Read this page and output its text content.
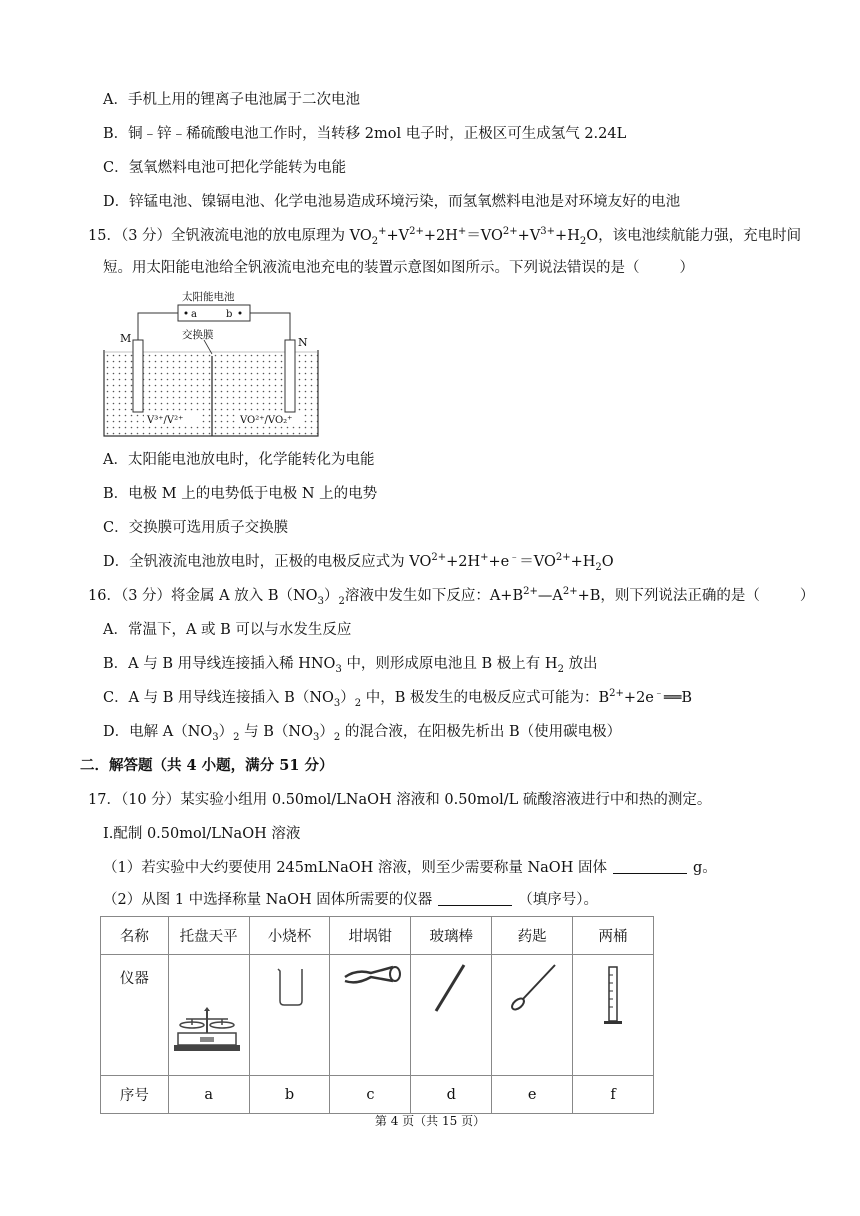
A．手机上用的锂离子电池属于二次电池
B．铜﹣锌﹣稀硫酸电池工作时，当转移 2mol 电子时，正极区可生成氢气 2.24L
C．氢氧燃料电池可把化学能转为电能
D．锌锰电池、镍镉电池、化学电池易造成环境污染，而氢氧燃料电池是对环境友好的电池
15．（3 分）全钒液流电池的放电原理为 $VO_2^++V^{2+}+2H^+=VO^{2+}+V^{3+}+H_2O$，该电池续航能力强，充电时间
短。用太阳能电池给全钒液流电池充电的装置示意图如图所示。下列说法错误的是（	）
太阳能电池
a	b
交换膜
M	N
V³⁺/V²⁺	VO²⁺/VO₂⁺
A．太阳能电池放电时，化学能转化为电能
B．电极 M 上的电势低于电极 N 上的电势
C．交换膜可选用质子交换膜
D．全钒液流电池放电时，正极的电极反应式为 $VO^{2+}+2H^++e^﹣=VO^{2+}+H_2O$
16．（3 分）将金属 A 放入 $B(NO_3)_2$溶液中发生如下反应：$A+B^{2+}—A^{2+}+B$，则下列说法正确的是（	）
A．常温下，A 或 B 可以与水发生反应
B．A 与 B 用导线连接插入稀 $HNO_3$ 中，则形成原电池且 B 极上有 $H_2$ 放出
C．A 与 B 用导线连接插入 $B(NO_3)_2$ 中，B 极发生的电极反应式可能为：$B^{2+}+2e^﹣══B$
D．电解 $A(NO_3)_2$ 与 $B(NO_3)_2$ 的混合液，在阳极先析出 B（使用碳电极）
二．解答题（共 4 小题，满分 51 分）
17．（10 分）某实验小组用 0.50mol/LNaOH 溶液和 0.50mol/L 硫酸溶液进行中和热的测定。
Ⅰ.配制 0.50mol/LNaOH 溶液
（1）若实验中大约要使用 245mLNaOH 溶液，则至少需要称量 NaOH 固体	g。
（2）从图 1 中选择称量 NaOH 固体所需要的仪器	（填序号）。
名称	托盘天平	小烧杯	坩埚钳	玻璃棒	药匙	两桶
仪器						
序号	a	b	c	d	e	f
第 4 页（共 15 页）
